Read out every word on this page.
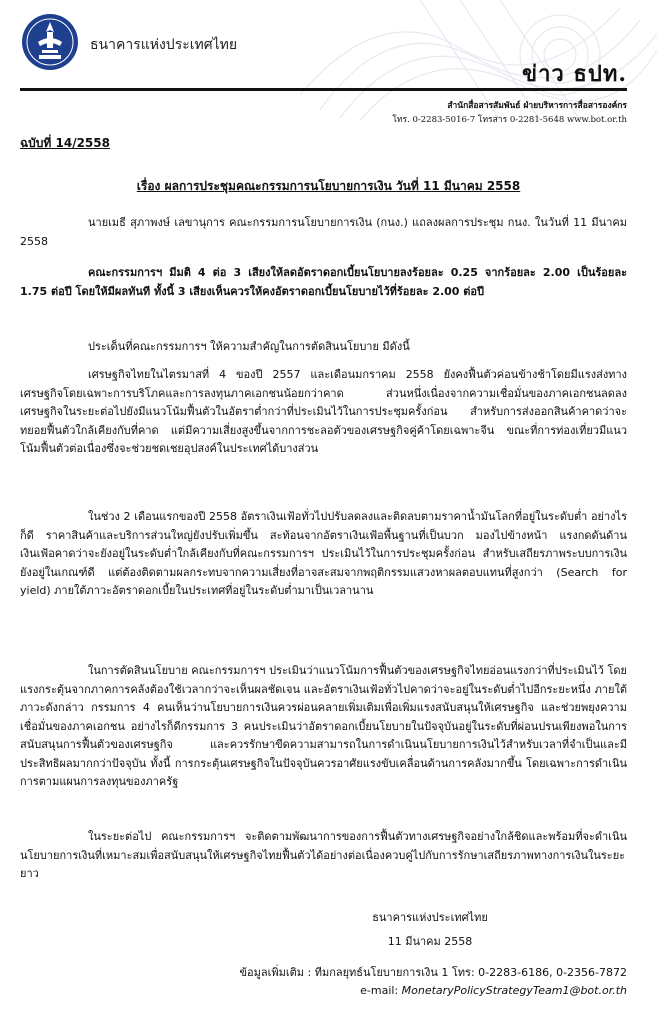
ธนาคารแห่งประเทศไทย
ข่าว ธปท.
สำนักสื่อสารสัมพันธ์ ฝ่ายบริหารการสื่อสารองค์กร
โทร. 0-2283-5016-7 โทรสาร 0-2281-5648 www.bot.or.th
ฉบับที่ 14/2558
เรื่อง ผลการประชุมคณะกรรมการนโยบายการเงิน วันที่ 11 มีนาคม 2558
นายเมธี สุภาพงษ์ เลขานุการ คณะกรรมการนโยบายการเงิน (กนง.) แถลงผลการประชุม กนง. ในวันที่ 11 มีนาคม 2558
คณะกรรมการฯ มีมติ 4 ต่อ 3 เสียงให้ลดอัตราดอกเบี้ยนโยบายลงร้อยละ 0.25 จากร้อยละ 2.00 เป็นร้อยละ 1.75 ต่อปี โดยให้มีผลทันที ทั้งนี้ 3 เสียงเห็นควรให้คงอัตราดอกเบี้ยนโยบายไว้ที่ร้อยละ 2.00 ต่อปี
ประเด็นที่คณะกรรมการฯ ให้ความสำคัญในการตัดสินนโยบาย มีดังนี้
เศรษฐกิจไทยในไตรมาสที่ 4 ของปี 2557 และเดือนมกราคม 2558 ยังคงฟื้นตัวค่อนข้างช้าโดยมีแรงส่งทางเศรษฐกิจโดยเฉพาะการบริโภคและการลงทุนภาคเอกชนน้อยกว่าคาด ส่วนหนึ่งเนื่องจากความเชื่อมั่นของภาคเอกชนลดลง เศรษฐกิจในระยะต่อไปยังมีแนวโน้มฟื้นตัวในอัตราต่ำกว่าที่ประเมินไว้ในการประชุมครั้งก่อน สำหรับการส่งออกสินค้าคาดว่าจะทยอยฟื้นตัวใกล้เคียงกับที่คาด แต่มีความเสี่ยงสูงขึ้นจากการชะลอตัวของเศรษฐกิจคู่ค้าโดยเฉพาะจีน ขณะที่การท่องเที่ยวมีแนวโน้มฟื้นตัวต่อเนื่องซึ่งจะช่วยชดเชยอุปสงค์ในประเทศได้บางส่วน
ในช่วง 2 เดือนแรกของปี 2558 อัตราเงินเฟ้อทั่วไปปรับลดลงและติดลบตามราคาน้ำมันโลกที่อยู่ในระดับต่ำ อย่างไรก็ดี ราคาสินค้าและบริการส่วนใหญ่ยังปรับเพิ่มขึ้น สะท้อนจากอัตราเงินเฟ้อพื้นฐานที่เป็นบวก มองไปข้างหน้า แรงกดดันด้านเงินเฟ้อคาดว่าจะยังอยู่ในระดับต่ำใกล้เคียงกับที่คณะกรรมการฯ ประเมินไว้ในการประชุมครั้งก่อน สำหรับเสถียรภาพระบบการเงินยังอยู่ในเกณฑ์ดี แต่ต้องติดตามผลกระทบจากความเสี่ยงที่อาจสะสมจากพฤติกรรมแสวงหาผลตอบแทนที่สูงกว่า (Search for yield) ภายใต้ภาวะอัตราดอกเบี้ยในประเทศที่อยู่ในระดับต่ำมาเป็นเวลานาน
ในการตัดสินนโยบาย คณะกรรมการฯ ประเมินว่าแนวโน้มการฟื้นตัวของเศรษฐกิจไทยอ่อนแรงกว่าที่ประเมินไว้ โดยแรงกระตุ้นจากภาคการคลังต้องใช้เวลากว่าจะเห็นผลชัดเจน และอัตราเงินเฟ้อทั่วไปคาดว่าจะอยู่ในระดับต่ำไปอีกระยะหนึ่ง ภายใต้ภาวะดังกล่าว กรรมการ 4 คนเห็นว่านโยบายการเงินควรผ่อนคลายเพิ่มเติมเพื่อเพิ่มแรงสนับสนุนให้เศรษฐกิจ และช่วยพยุงความเชื่อมั่นของภาคเอกชน อย่างไรก็ดีกรรมการ 3 คนประเมินว่าอัตราดอกเบี้ยนโยบายในปัจจุบันอยู่ในระดับที่ผ่อนปรนเพียงพอในการสนับสนุนการฟื้นตัวของเศรษฐกิจ และควรรักษาขีดความสามารถในการดำเนินนโยบายการเงินไว้สำหรับเวลาที่จำเป็นและมีประสิทธิผลมากกว่าปัจจุบัน ทั้งนี้ การกระตุ้นเศรษฐกิจในปัจจุบันควรอาศัยแรงขับเคลื่อนด้านการคลังมากขึ้น โดยเฉพาะการดำเนินการตามแผนการลงทุนของภาครัฐ
ในระยะต่อไป คณะกรรมการฯ จะติดตามพัฒนาการของการฟื้นตัวทางเศรษฐกิจอย่างใกล้ชิดและพร้อมที่จะดำเนินนโยบายการเงินที่เหมาะสมเพื่อสนับสนุนให้เศรษฐกิจไทยฟื้นตัวได้อย่างต่อเนื่องควบคู่ไปกับการรักษาเสถียรภาพทางการเงินในระยะยาว
ธนาคารแห่งประเทศไทย
11 มีนาคม 2558
ข้อมูลเพิ่มเติม : ทีมกลยุทธ์นโยบายการเงิน 1 โทร: 0-2283-6186, 0-2356-7872
e-mail: MonetaryPolicyStrategyTeam1@bot.or.th
